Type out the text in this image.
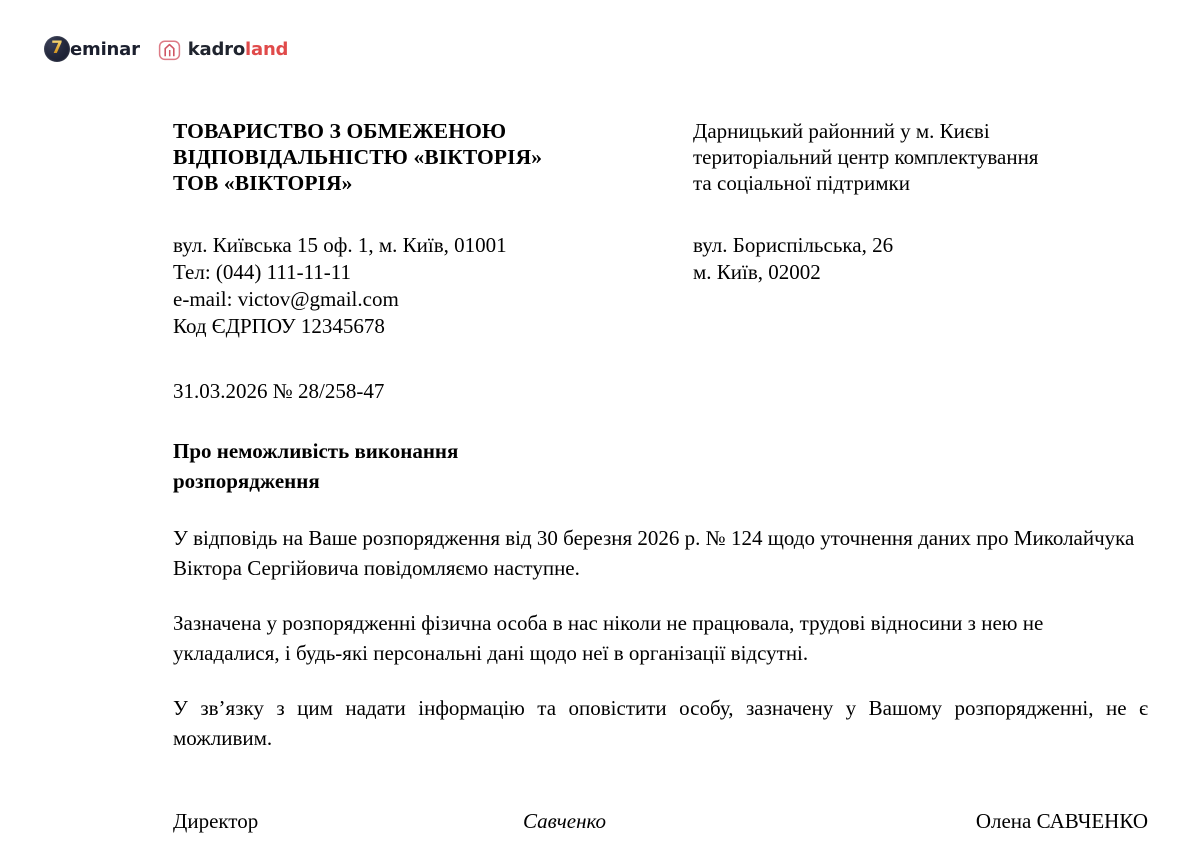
7 eminar	kadroland
ТОВАРИСТВО З ОБМЕЖЕНОЮ
ВІДПОВІДАЛЬНІСТЮ «ВІКТОРІЯ»
ТОВ «ВІКТОРІЯ»
Дарницький районний у м. Києві
територіальний центр комплектування
та соціальної підтримки
вул. Київська 15 оф. 1, м. Київ, 01001
Тел: (044) 111-11-11
e-mail: victov@gmail.com
Код ЄДРПОУ 12345678
вул. Бориспільська, 26
м. Київ, 02002
31.03.2026 № 28/258-47
Про неможливість виконання
розпорядження

У відповідь на Ваше розпорядження від 30 березня 2026 р. № 124 щодо уточнення даних про Миколайчука Віктора Сергійовича повідомляємо наступне.

Зазначена у розпорядженні фізична особа в нас ніколи не працювала, трудові відносини з нею не укладалися, і будь-які персональні дані щодо неї в організації відсутні.

У зв’язку з цим надати інформацію та оповістити особу, зазначену у Вашому розпорядженні, не є можливим.

Директор	Савченко	Олена САВЧЕНКО
